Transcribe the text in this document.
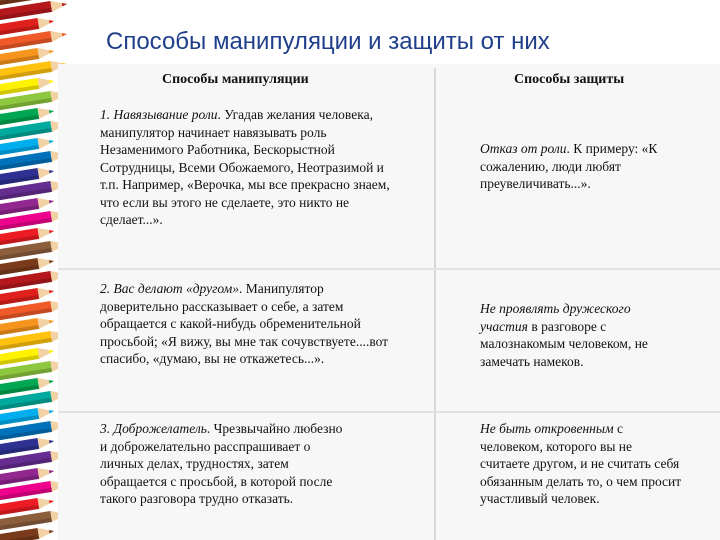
Способы манипуляции и защиты от них
Способы манипуляции	Способы защиты
1. Навязывание роли. Угадав желания человека, манипулятор начинает навязывать роль Незаменимого Работника, Бескорыстной Сотрудницы, Всеми Обожаемого, Неотразимой и т.п. Например, «Верочка, мы все прекрасно знаем, что если вы этого не сделаете, это никто не сделает...».
Отказ от роли. К примеру: «К сожалению, люди любят преувеличивать...».
2. Вас делают «другом». Манипулятор доверительно рассказывает о себе, а затем обращается с какой-нибудь обременительной просьбой; «Я вижу, вы мне так сочувствуете....вот спасибо, «думаю, вы не откажетесь...».
Не проявлять дружеского участия в разговоре с малознакомым человеком, не замечать намеков.
3. Доброжелатель. Чрезвычайно любезно и доброжелательно расспрашивает о личных делах, трудностях, затем обращается с просьбой, в которой после такого разговора трудно отказать.
Не быть откровенным с человеком, которого вы не считаете другом, и не считать себя обязанным делать то, о чем просит участливый человек.
